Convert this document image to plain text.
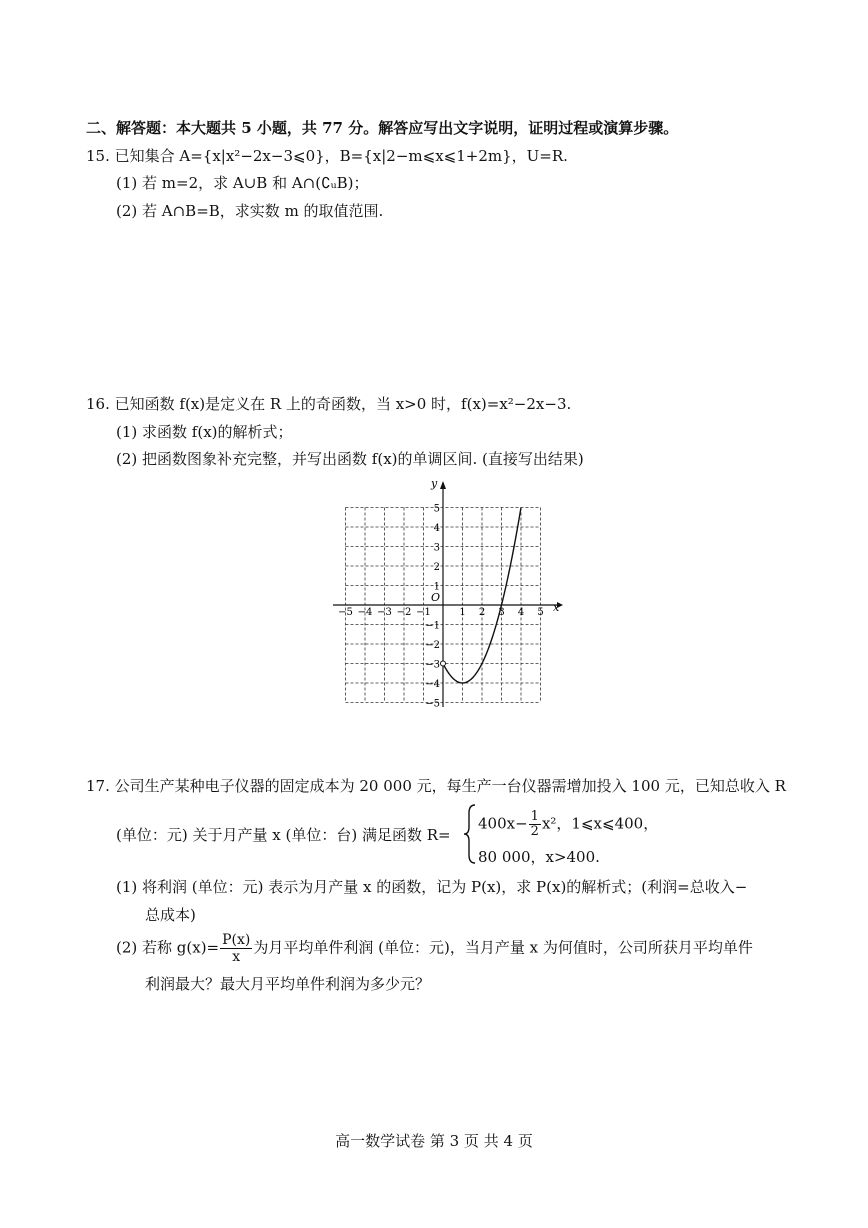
二、解答题：本大题共 5 小题，共 77 分。解答应写出文字说明，证明过程或演算步骤。
15. 已知集合 A={x|x²−2x−3⩽0}，B={x|2−m⩽x⩽1+2m}，U=R.
(1) 若 m=2，求 A∪B 和 A∩(∁ᵤB)；
(2) 若 A∩B=B，求实数 m 的取值范围.
16. 已知函数 f(x)是定义在 R 上的奇函数，当 x>0 时，f(x)=x²−2x−3.
(1) 求函数 f(x)的解析式；
(2) 把函数图象补充完整，并写出函数 f(x)的单调区间. (直接写出结果)
x
y
O
−5 −4 −3 −2 −1	1 2 3 4 5
5
4
3
2
1
−1
−2
−3
−4
−5
17. 公司生产某种电子仪器的固定成本为 20 000 元，每生产一台仪器需增加投入 100 元，已知总收入 R
(单位：元) 关于月产量 x (单位：台) 满足函数 R=
$400x- \frac{1}{2} x^2$，1⩽x⩽400，
80 000，x>400.
(1) 将利润 (单位：元) 表示为月产量 x 的函数，记为 P(x)，求 P(x)的解析式；(利润=总收入−
总成本)
(2) 若称 $g(x)= \frac{P(x)}{x}$ 为月平均单件利润 (单位：元)，当月产量 x 为何值时，公司所获月平均单件
利润最大？最大月平均单件利润为多少元？
高一数学试卷 第 3 页 共 4 页
